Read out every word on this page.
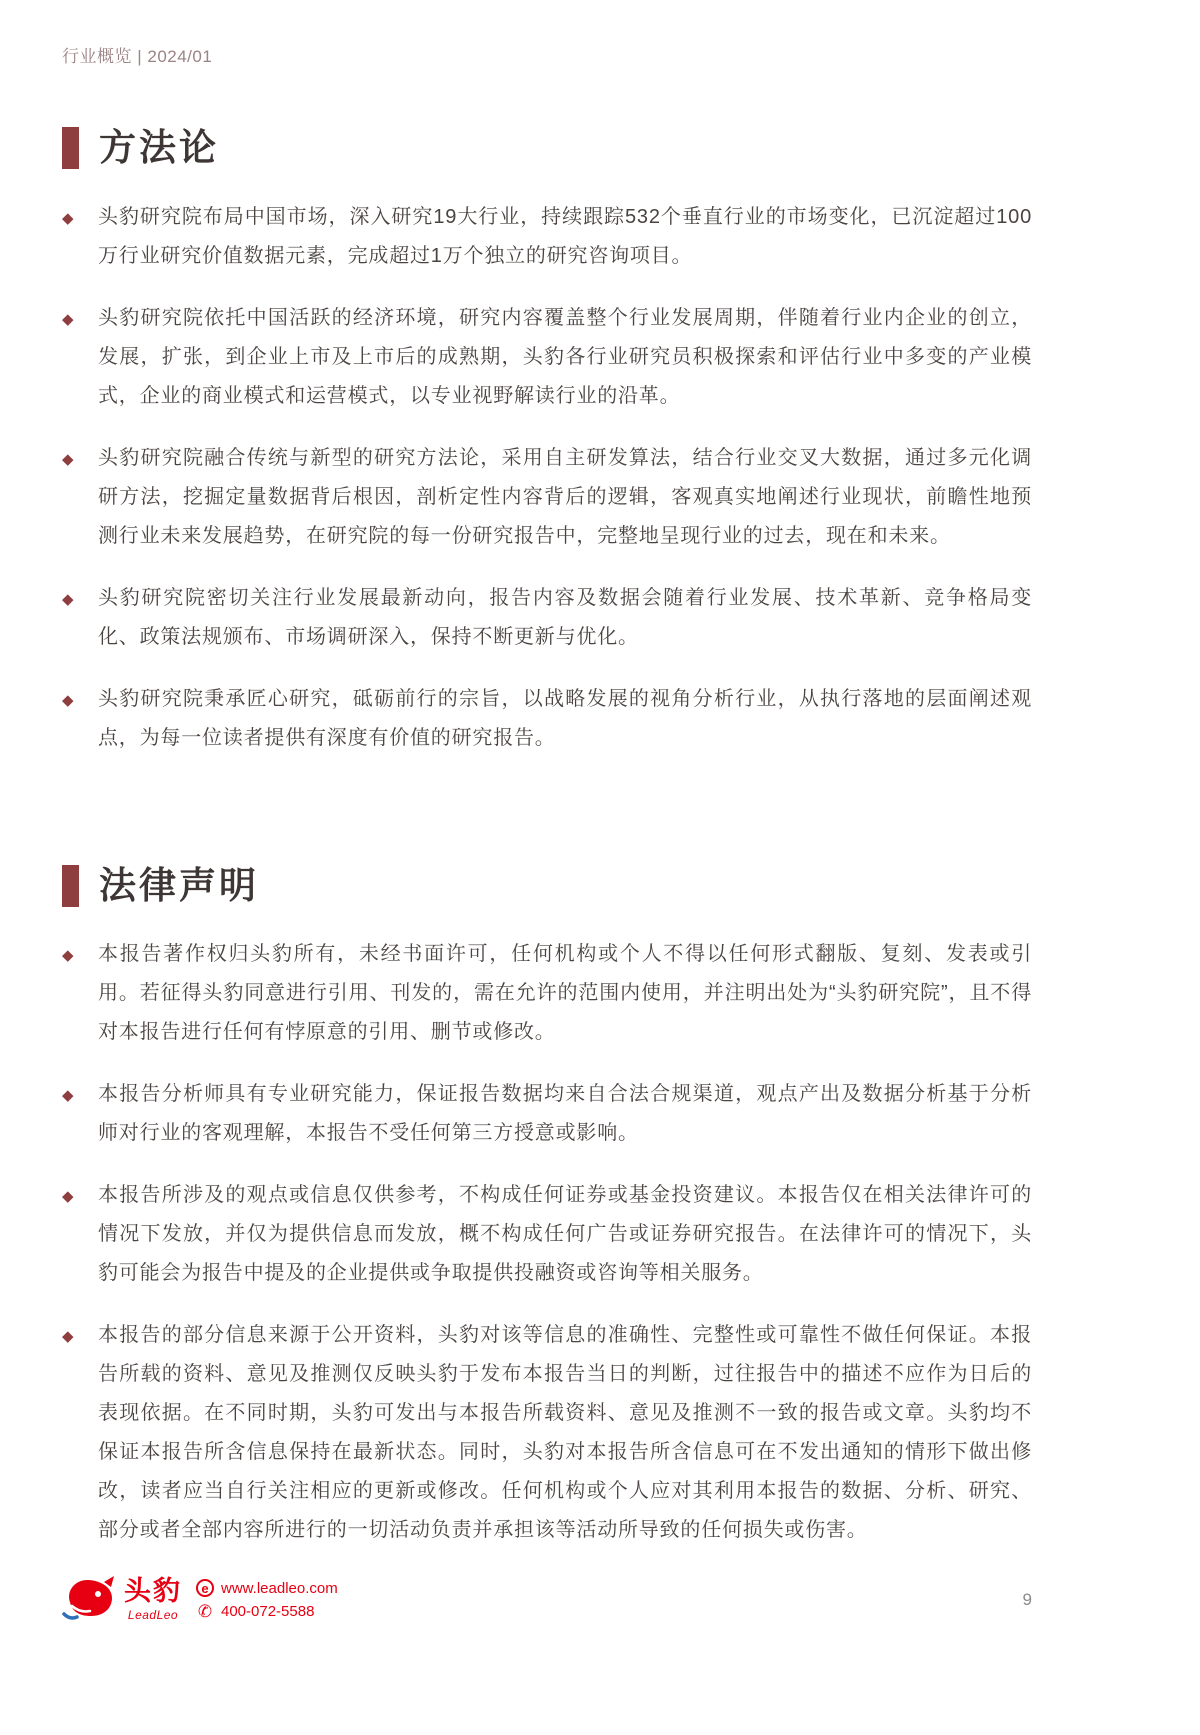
行业概览 | 2024/01
方法论
◆
头豹研究院布局中国市场，深入研究19大行业，持续跟踪532个垂直行业的市场变化，已沉淀超过100万行业研究价值数据元素，完成超过1万个独立的研究咨询项目。
◆
头豹研究院依托中国活跃的经济环境，研究内容覆盖整个行业发展周期，伴随着行业内企业的创立，发展，扩张，到企业上市及上市后的成熟期，头豹各行业研究员积极探索和评估行业中多变的产业模式，企业的商业模式和运营模式，以专业视野解读行业的沿革。
◆
头豹研究院融合传统与新型的研究方法论，采用自主研发算法，结合行业交叉大数据，通过多元化调研方法，挖掘定量数据背后根因，剖析定性内容背后的逻辑，客观真实地阐述行业现状，前瞻性地预测行业未来发展趋势，在研究院的每一份研究报告中，完整地呈现行业的过去，现在和未来。
◆
头豹研究院密切关注行业发展最新动向，报告内容及数据会随着行业发展、技术革新、竞争格局变化、政策法规颁布、市场调研深入，保持不断更新与优化。
◆
头豹研究院秉承匠心研究，砥砺前行的宗旨，以战略发展的视角分析行业，从执行落地的层面阐述观点，为每一位读者提供有深度有价值的研究报告。
法律声明
◆
本报告著作权归头豹所有，未经书面许可，任何机构或个人不得以任何形式翻版、复刻、发表或引用。若征得头豹同意进行引用、刊发的，需在允许的范围内使用，并注明出处为“头豹研究院”，且不得对本报告进行任何有悖原意的引用、删节或修改。
◆
本报告分析师具有专业研究能力，保证报告数据均来自合法合规渠道，观点产出及数据分析基于分析师对行业的客观理解，本报告不受任何第三方授意或影响。
◆
本报告所涉及的观点或信息仅供参考，不构成任何证券或基金投资建议。本报告仅在相关法律许可的情况下发放，并仅为提供信息而发放，概不构成任何广告或证券研究报告。在法律许可的情况下，头豹可能会为报告中提及的企业提供或争取提供投融资或咨询等相关服务。
◆
本报告的部分信息来源于公开资料，头豹对该等信息的准确性、完整性或可靠性不做任何保证。本报告所载的资料、意见及推测仅反映头豹于发布本报告当日的判断，过往报告中的描述不应作为日后的表现依据。在不同时期，头豹可发出与本报告所载资料、意见及推测不一致的报告或文章。头豹均不保证本报告所含信息保持在最新状态。同时，头豹对本报告所含信息可在不发出通知的情形下做出修改，读者应当自行关注相应的更新或修改。任何机构或个人应对其利用本报告的数据、分析、研究、部分或者全部内容所进行的一切活动负责并承担该等活动所导致的任何损失或伤害。
头豹
LeadLeo
e www.leadleo.com
✆ 400-072-5588
9
